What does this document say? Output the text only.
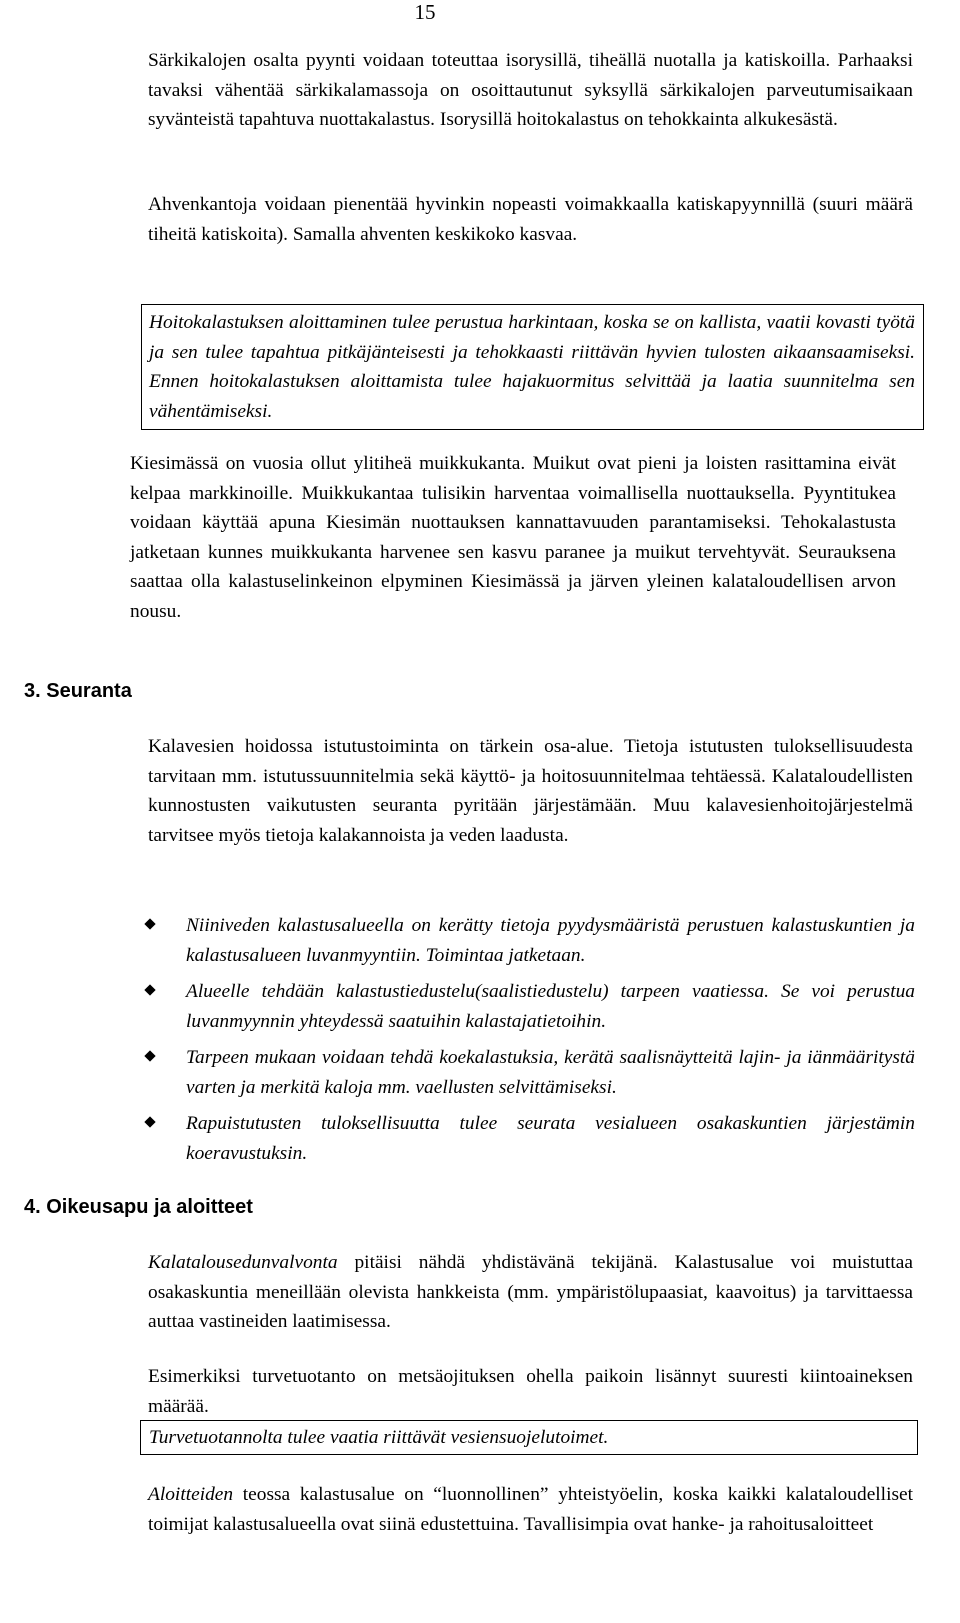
15

Särkikalojen osalta pyynti voidaan toteuttaa isorysillä, tiheällä nuotalla ja katiskoilla. Parhaaksi tavaksi vähentää särkikalamassoja on osoittautunut syksyllä särkikalojen parveutumisaikaan syvänteistä tapahtuva nuottakalastus. Isorysillä hoitokalastus on tehokkainta alkukesästä.

Ahvenkantoja voidaan pienentää hyvinkin nopeasti voimakkaalla katiskapyynnillä (suuri määrä tiheitä katiskoita). Samalla ahventen keskikoko kasvaa.

Hoitokalastuksen aloittaminen tulee perustua harkintaan, koska se on kallista, vaatii kovasti työtä ja sen tulee tapahtua pitkäjänteisesti ja tehokkaasti riittävän hyvien tulosten aikaansaamiseksi. Ennen hoitokalastuksen aloittamista tulee hajakuormitus selvittää ja laatia suunnitelma sen vähentämiseksi.

Kiesimässä on vuosia ollut ylitiheä muikkukanta. Muikut ovat pieni ja loisten rasittamina eivät kelpaa markkinoille. Muikkukantaa tulisikin harventaa voimallisella nuottauksella. Pyyntitukea voidaan käyttää apuna Kiesimän nuottauksen kannattavuuden parantamiseksi. Tehokalastusta jatketaan kunnes muikkukanta harvenee sen kasvu paranee ja muikut tervehtyvät. Seurauksena saattaa olla kalastuselinkeinon elpyminen Kiesimässä ja järven yleinen kalataloudellisen arvon nousu.

3. Seuranta

Kalavesien hoidossa istutustoiminta on tärkein osa-alue. Tietoja istutusten tuloksellisuudesta tarvitaan mm. istutussuunnitelmia sekä käyttö- ja hoitosuunnitelmaa tehtäessä. Kalataloudellisten kunnostusten vaikutusten seuranta pyritään järjestämään. Muu kalavesienhoitojärjestelmä tarvitsee myös tietoja kalakannoista ja veden laadusta.

Niiniveden kalastusalueella on kerätty tietoja pyydysmääristä perustuen kalastuskuntien ja kalastusalueen luvanmyyntiin. Toimintaa jatketaan.
Alueelle tehdään kalastustiedustelu(saalistiedustelu) tarpeen vaatiessa. Se voi perustua luvanmyynnin yhteydessä saatuihin kalastajatietoihin.
Tarpeen mukaan voidaan tehdä koekalastuksia, kerätä saalisnäytteitä lajin- ja iänmääritystä varten ja merkitä kaloja mm. vaellusten selvittämiseksi.
Rapuistutusten tuloksellisuutta tulee seurata vesialueen osakaskuntien järjestämin koeravustuksin.
4. Oikeusapu ja aloitteet

Kalatalousedunvalvonta pitäisi nähdä yhdistävänä tekijänä. Kalastusalue voi muistuttaa osakaskuntia meneillään olevista hankkeista (mm. ympäristölupaasiat, kaavoitus) ja tarvittaessa auttaa vastineiden laatimisessa.

Esimerkiksi turvetuotanto on metsäojituksen ohella paikoin lisännyt suuresti kiintoaineksen määrää.

Turvetuotannolta tulee vaatia riittävät vesiensuojelutoimet.

Aloitteiden teossa kalastusalue on “luonnollinen” yhteistyöelin, koska kaikki kalataloudelliset toimijat kalastusalueella ovat siinä edustettuina. Tavallisimpia ovat hanke- ja rahoitusaloitteet
